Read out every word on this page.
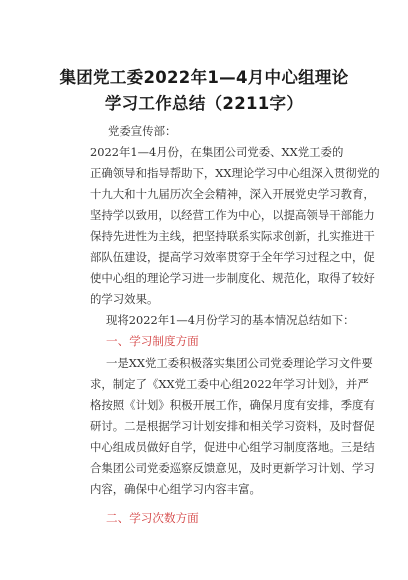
集团党工委2022年1—4月中心组理论
学习工作总结（2211字）
党委宣传部：
2022年1—4月份，在集团公司党委、XX党工委的
正确领导和指导帮助下，XX理论学习中心组深入贯彻党的
十九大和十九届历次全会精神，深入开展党史学习教育，
坚持学以致用，以经营工作为中心，以提高领导干部能力
保持先进性为主线，把坚持联系实际求创新，扎实推进干
部队伍建设，提高学习效率贯穿于全年学习过程之中，促
使中心组的理论学习进一步制度化、规范化，取得了较好
的学习效果。
现将2022年1—4月份学习的基本情况总结如下：
一、学习制度方面
一是XX党工委积极落实集团公司党委理论学习文件要
求，制定了《XX党工委中心组2022年学习计划》，并严
格按照《计划》积极开展工作，确保月度有安排，季度有
研讨。二是根据学习计划安排和相关学习资料，及时督促
中心组成员做好自学，促进中心组学习制度落地。三是结
合集团公司党委巡察反馈意见，及时更新学习计划、学习
内容，确保中心组学习内容丰富。
二、学习次数方面
